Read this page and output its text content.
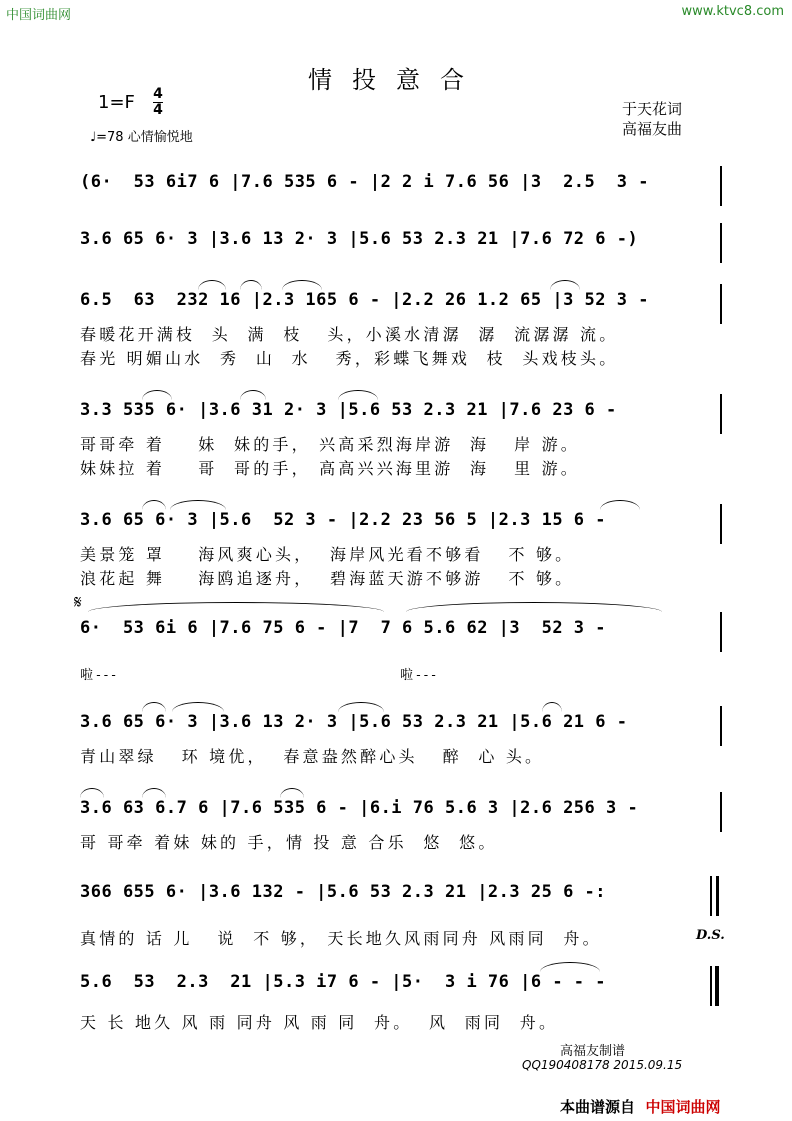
中国词曲网	www.ktvc8.com
情投意合
1=F 4
4
♩=78 心情愉悦地
于天花词
高福友曲
(6·  53 6i7 6 |7.6 535 6 - |2 2 i 7.6 56 |3  2.5  3 -
3.6 65 6· 3 |3.6 13 2· 3 |5.6 53 2.3 21 |7.6 72 6 -)
6.5  63  232 16 |2.3 165 6 - |2.2 26 1.2 65 |3 52 3 -
春暖花开满枝  头  满  枝   头，小溪水清潺  潺  流潺潺 流。
春光 明媚山水  秀  山  水   秀，彩蝶飞舞戏  枝  头戏枝头。
3.3 535 6· |3.6 31 2· 3 |5.6 53 2.3 21 |7.6 23 6 -
哥哥牵 着    妹  妹的手， 兴高采烈海岸游  海   岸 游。
妹妹拉 着    哥  哥的手， 高高兴兴海里游  海   里 游。
3.6 65 6· 3 |5.6  52 3 - |2.2 23 56 5 |2.3 15 6 -
美景笼 罩    海风爽心头，  海岸风光看不够看   不 够。
浪花起 舞    海鸥追逐舟，  碧海蓝天游不够游   不 够。
𝄋
6·  53 6i 6 |7.6 75 6 - |7  7 6 5.6 62 |3  52 3 -
啦---	啦---
3.6 65 6· 3 |3.6 13 2· 3 |5.6 53 2.3 21 |5.6 21 6 -
青山翠绿   环 境优，  春意盎然醉心头   醉  心 头。
3.6 63 6.7 6 |7.6 535 6 - |6.i 76 5.6 3 |2.6 256 3 -
哥 哥牵 着妹 妹的 手，情 投 意 合乐  悠  悠。
366 655 6· |3.6 132 - |5.6 53 2.3 21 |2.3 25 6 -:
真情的 话 儿   说  不 够， 天长地久风雨同舟 风雨同  舟。	D.S.
5.6  53  2.3  21 |5.3 i7 6 - |5·  3 i 76 |6 - - -
天 长 地久 风 雨 同舟 风 雨 同  舟。  风  雨同  舟。
高福友制谱
QQ190408178 2015.09.15
本曲谱源自 中国词曲网
